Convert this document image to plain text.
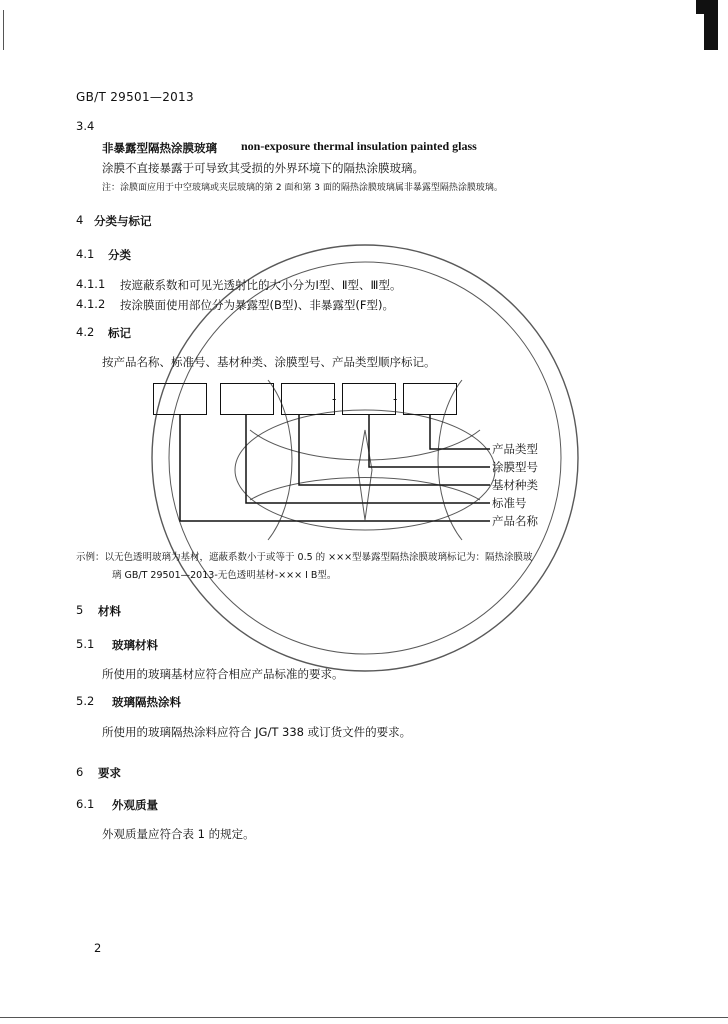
GB/T 29501—2013
3.4
非暴露型隔热涂膜玻璃 non-exposure thermal insulation painted glass
涂膜不直接暴露于可导致其受损的外界环境下的隔热涂膜玻璃。
注：涂膜面应用于中空玻璃或夹层玻璃的第 2 面和第 3 面的隔热涂膜玻璃属非暴露型隔热涂膜玻璃。
4 分类与标记
4.1 分类
4.1.1 按遮蔽系数和可见光透射比的大小分为Ⅰ型、Ⅱ型、Ⅲ型。
4.1.2 按涂膜面使用部位分为暴露型(B型)、非暴露型(F型)。
4.2 标记
按产品名称、标准号、基材种类、涂膜型号、产品类型顺序标记。
-	-
产品类型
涂膜型号
基材种类
标准号
产品名称
示例：以无色透明玻璃为基材，遮蔽系数小于或等于 0.5 的 ×××型暴露型隔热涂膜玻璃标记为：隔热涂膜玻
璃 GB/T 29501—2013-无色透明基材-××× Ⅰ B型。
5 材料
5.1 玻璃材料
所使用的玻璃基材应符合相应产品标准的要求。
5.2 玻璃隔热涂料
所使用的玻璃隔热涂料应符合 JG/T 338 或订货文件的要求。
6 要求
6.1 外观质量
外观质量应符合表 1 的规定。
2
